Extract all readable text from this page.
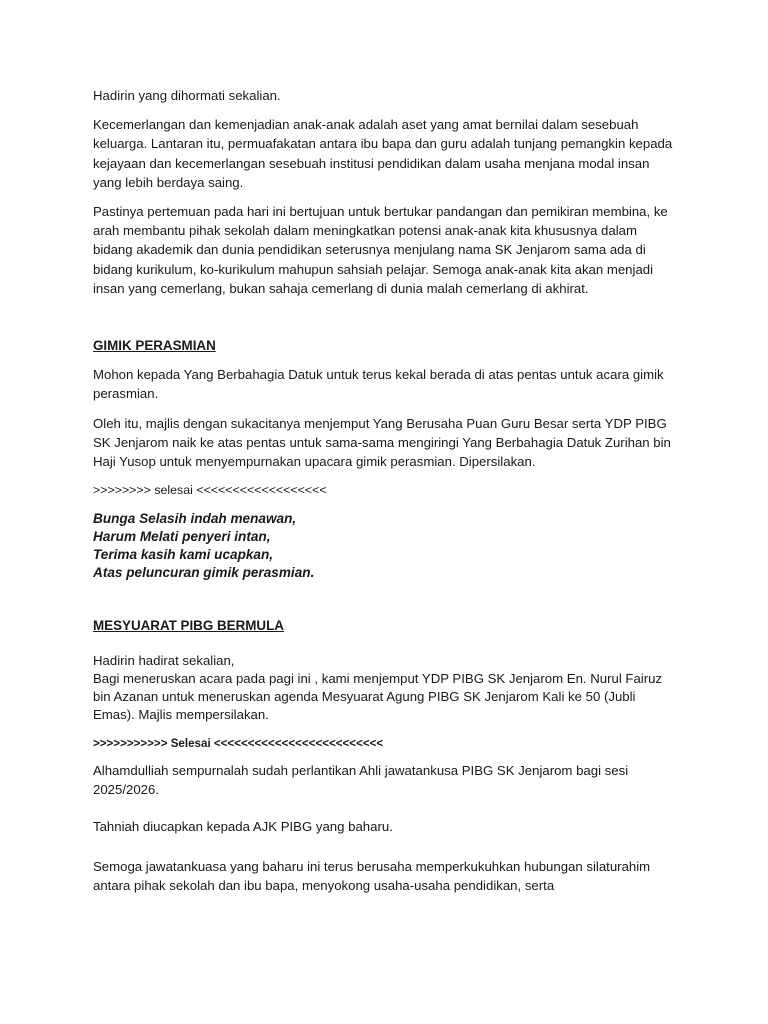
Hadirin yang dihormati sekalian.

Kecemerlangan dan kemenjadian anak-anak adalah aset yang amat bernilai dalam sesebuah keluarga. Lantaran itu, permuafakatan antara ibu bapa dan guru adalah tunjang pemangkin kepada kejayaan dan kecemerlangan sesebuah institusi pendidikan dalam usaha menjana modal insan yang lebih berdaya saing.

Pastinya pertemuan pada hari ini bertujuan untuk bertukar pandangan dan pemikiran membina, ke arah membantu pihak sekolah dalam meningkatkan potensi anak-anak kita khususnya dalam bidang akademik dan dunia pendidikan seterusnya menjulang nama SK Jenjarom sama ada di bidang kurikulum, ko-kurikulum mahupun sahsiah pelajar. Semoga anak-anak kita akan menjadi insan yang cemerlang, bukan sahaja cemerlang di dunia malah cemerlang di akhirat.

GIMIK PERASMIAN

Mohon kepada Yang Berbahagia Datuk untuk terus kekal berada di atas pentas untuk acara gimik perasmian.

Oleh itu, majlis dengan sukacitanya menjemput Yang Berusaha Puan Guru Besar serta YDP PIBG SK Jenjarom naik ke atas pentas untuk sama-sama mengiringi Yang Berbahagia Datuk Zurihan bin Haji Yusop untuk menyempurnakan upacara gimik perasmian. Dipersilakan.

>>>>>>>> selesai <<<<<<<<<<<<<<<<<<

Bunga Selasih indah menawan,
Harum Melati penyeri intan,
Terima kasih kami ucapkan,
Atas peluncuran gimik perasmian.

MESYUARAT PIBG BERMULA

Hadirin hadirat sekalian,

Bagi meneruskan acara pada pagi ini , kami menjemput YDP PIBG SK Jenjarom En. Nurul Fairuz bin Azanan untuk meneruskan agenda Mesyuarat Agung PIBG SK Jenjarom Kali ke 50 (Jubli Emas). Majlis mempersilakan.

>>>>>>>>>>> Selesai <<<<<<<<<<<<<<<<<<<<<<<<<

Alhamdulliah sempurnalah sudah perlantikan Ahli jawatankusa PIBG SK Jenjarom bagi sesi 2025/2026.

Tahniah diucapkan kepada AJK PIBG yang baharu.

Semoga jawatankuasa yang baharu ini terus berusaha memperkukuhkan hubungan silaturahim antara pihak sekolah dan ibu bapa, menyokong usaha-usaha pendidikan, serta
